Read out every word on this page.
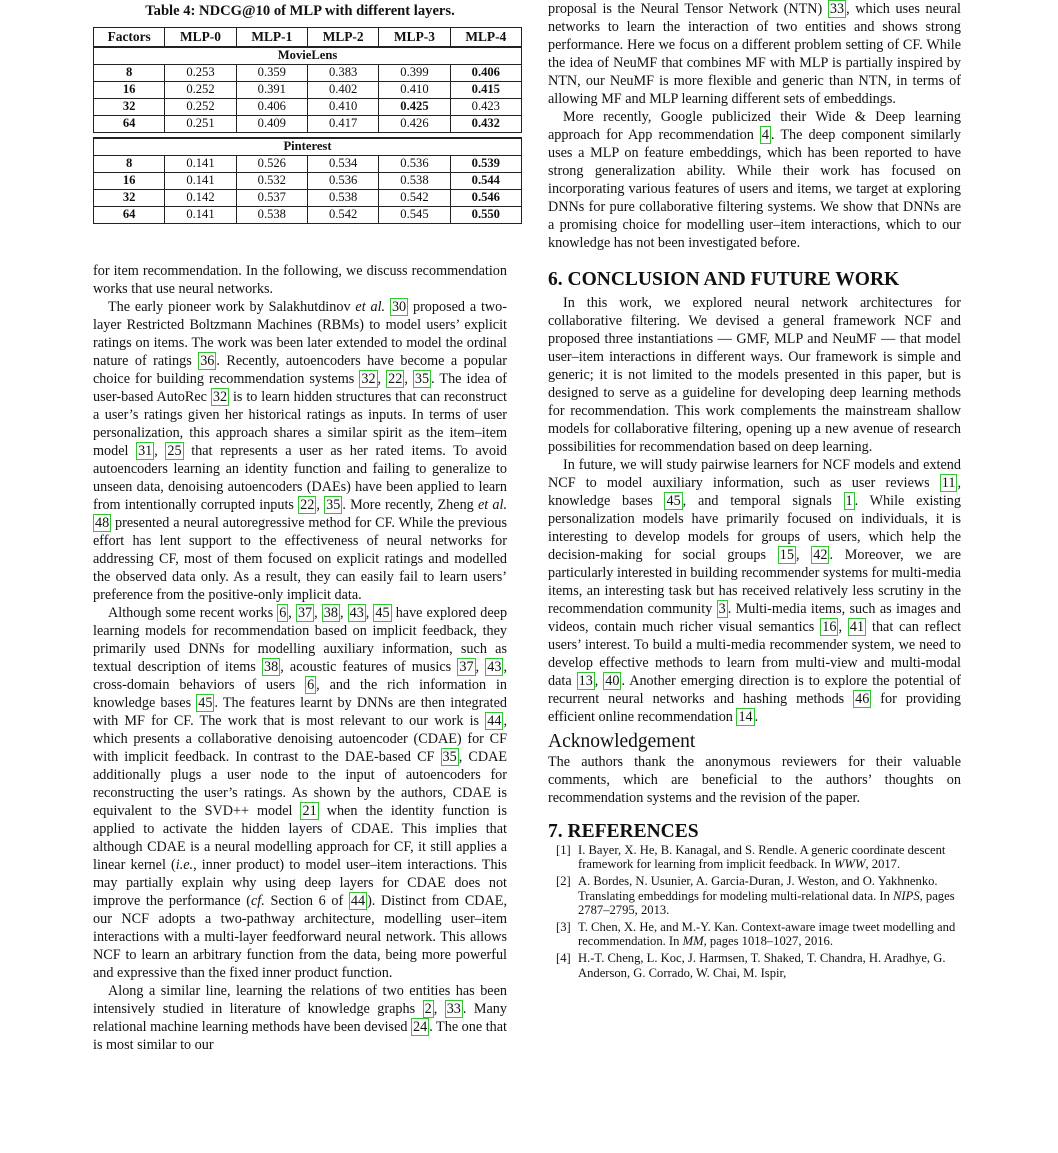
Table 4: NDCG@10 of MLP with different layers.
Factors	MLP-0	MLP-1	MLP-2	MLP-3	MLP-4
MovieLens					
8	0.253	0.359	0.383	0.399	0.406
16	0.252	0.391	0.402	0.410	0.415
32	0.252	0.406	0.410	0.425	0.423
64	0.251	0.409	0.417	0.426	0.432

Pinterest					
8	0.141	0.526	0.534	0.536	0.539
16	0.141	0.532	0.536	0.538	0.544
32	0.142	0.537	0.538	0.542	0.546
64	0.141	0.538	0.542	0.545	0.550

for item recommendation. In the following, we discuss recommendation works that use neural networks.

The early pioneer work by Salakhutdinov et al. 30 proposed a two-layer Restricted Boltzmann Machines (RBMs) to model users’ explicit ratings on items. The work was been later extended to model the ordinal nature of ratings 36 . Recently, autoencoders have become a popular choice for building recommendation systems 32 , 22 , 35 . The idea of user-based AutoRec 32 is to learn hidden structures that can reconstruct a user’s ratings given her historical ratings as inputs. In terms of user personalization, this approach shares a similar spirit as the item–item model 31 , 25 that represents a user as her rated items. To avoid autoencoders learning an identity function and failing to generalize to unseen data, denoising autoencoders (DAEs) have been applied to learn from intentionally corrupted inputs 22 , 35 . More recently, Zheng et al. 48 presented a neural autoregressive method for CF. While the previous effort has lent support to the effectiveness of neural networks for addressing CF, most of them focused on explicit ratings and modelled the observed data only. As a result, they can easily fail to learn users’ preference from the positive-only implicit data.

Although some recent works 6 , 37 , 38 , 43 , 45 have explored deep learning models for recommendation based on implicit feedback, they primarily used DNNs for modelling auxiliary information, such as textual description of items 38 , acoustic features of musics 37 , 43 , cross-domain behaviors of users 6 , and the rich information in knowledge bases 45 . The features learnt by DNNs are then integrated with MF for CF. The work that is most relevant to our work is 44 , which presents a collaborative denoising autoencoder (CDAE) for CF with implicit feedback. In contrast to the DAE-based CF 35 , CDAE additionally plugs a user node to the input of autoencoders for reconstructing the user’s ratings. As shown by the authors, CDAE is equivalent to the SVD++ model 21 when the identity function is applied to activate the hidden layers of CDAE. This implies that although CDAE is a neural modelling approach for CF, it still applies a linear kernel (i.e., inner product) to model user–item interactions. This may partially explain why using deep layers for CDAE does not improve the performance (cf. Section 6 of 44 ). Distinct from CDAE, our NCF adopts a two-pathway architecture, modelling user–item interactions with a multi-layer feedforward neural network. This allows NCF to learn an arbitrary function from the data, being more powerful and expressive than the fixed inner product function.

Along a similar line, learning the relations of two entities has been intensively studied in literature of knowledge graphs 2 , 33 . Many relational machine learning methods have been devised 24 . The one that is most similar to our

proposal is the Neural Tensor Network (NTN) 33 , which uses neural networks to learn the interaction of two entities and shows strong performance. Here we focus on a different problem setting of CF. While the idea of NeuMF that combines MF with MLP is partially inspired by NTN, our NeuMF is more flexible and generic than NTN, in terms of allowing MF and MLP learning different sets of embeddings.

More recently, Google publicized their Wide & Deep learning approach for App recommendation 4 . The deep component similarly uses a MLP on feature embeddings, which has been reported to have strong generalization ability. While their work has focused on incorporating various features of users and items, we target at exploring DNNs for pure collaborative filtering systems. We show that DNNs are a promising choice for modelling user–item interactions, which to our knowledge has not been investigated before.

6. CONCLUSION AND FUTURE WORK

In this work, we explored neural network architectures for collaborative filtering. We devised a general framework NCF and proposed three instantiations — GMF, MLP and NeuMF — that model user–item interactions in different ways. Our framework is simple and generic; it is not limited to the models presented in this paper, but is designed to serve as a guideline for developing deep learning methods for recommendation. This work complements the mainstream shallow models for collaborative filtering, opening up a new avenue of research possibilities for recommendation based on deep learning.

In future, we will study pairwise learners for NCF models and extend NCF to model auxiliary information, such as user reviews 11 , knowledge bases 45 , and temporal signals 1 . While existing personalization models have primarily focused on individuals, it is interesting to develop models for groups of users, which help the decision-making for social groups 15 , 42 . Moreover, we are particularly interested in building recommender systems for multi-media items, an interesting task but has received relatively less scrutiny in the recommendation community 3 . Multi-media items, such as images and videos, contain much richer visual semantics 16 , 41 that can reflect users’ interest. To build a multi-media recommender system, we need to develop effective methods to learn from multi-view and multi-modal data 13 , 40 . Another emerging direction is to explore the potential of recurrent neural networks and hashing methods 46 for providing efficient online recommendation 14 .

Acknowledgement

The authors thank the anonymous reviewers for their valuable comments, which are beneficial to the authors’ thoughts on recommendation systems and the revision of the paper.

7. REFERENCES
[1] I. Bayer, X. He, B. Kanagal, and S. Rendle. A generic coordinate descent framework for learning from implicit feedback. In WWW, 2017.
[2] A. Bordes, N. Usunier, A. Garcia-Duran, J. Weston, and O. Yakhnenko. Translating embeddings for modeling multi-relational data. In NIPS, pages 2787–2795, 2013.
[3] T. Chen, X. He, and M.-Y. Kan. Context-aware image tweet modelling and recommendation. In MM, pages 1018–1027, 2016.
[4] H.-T. Cheng, L. Koc, J. Harmsen, T. Shaked, T. Chandra, H. Aradhye, G. Anderson, G. Corrado, W. Chai, M. Ispir,
